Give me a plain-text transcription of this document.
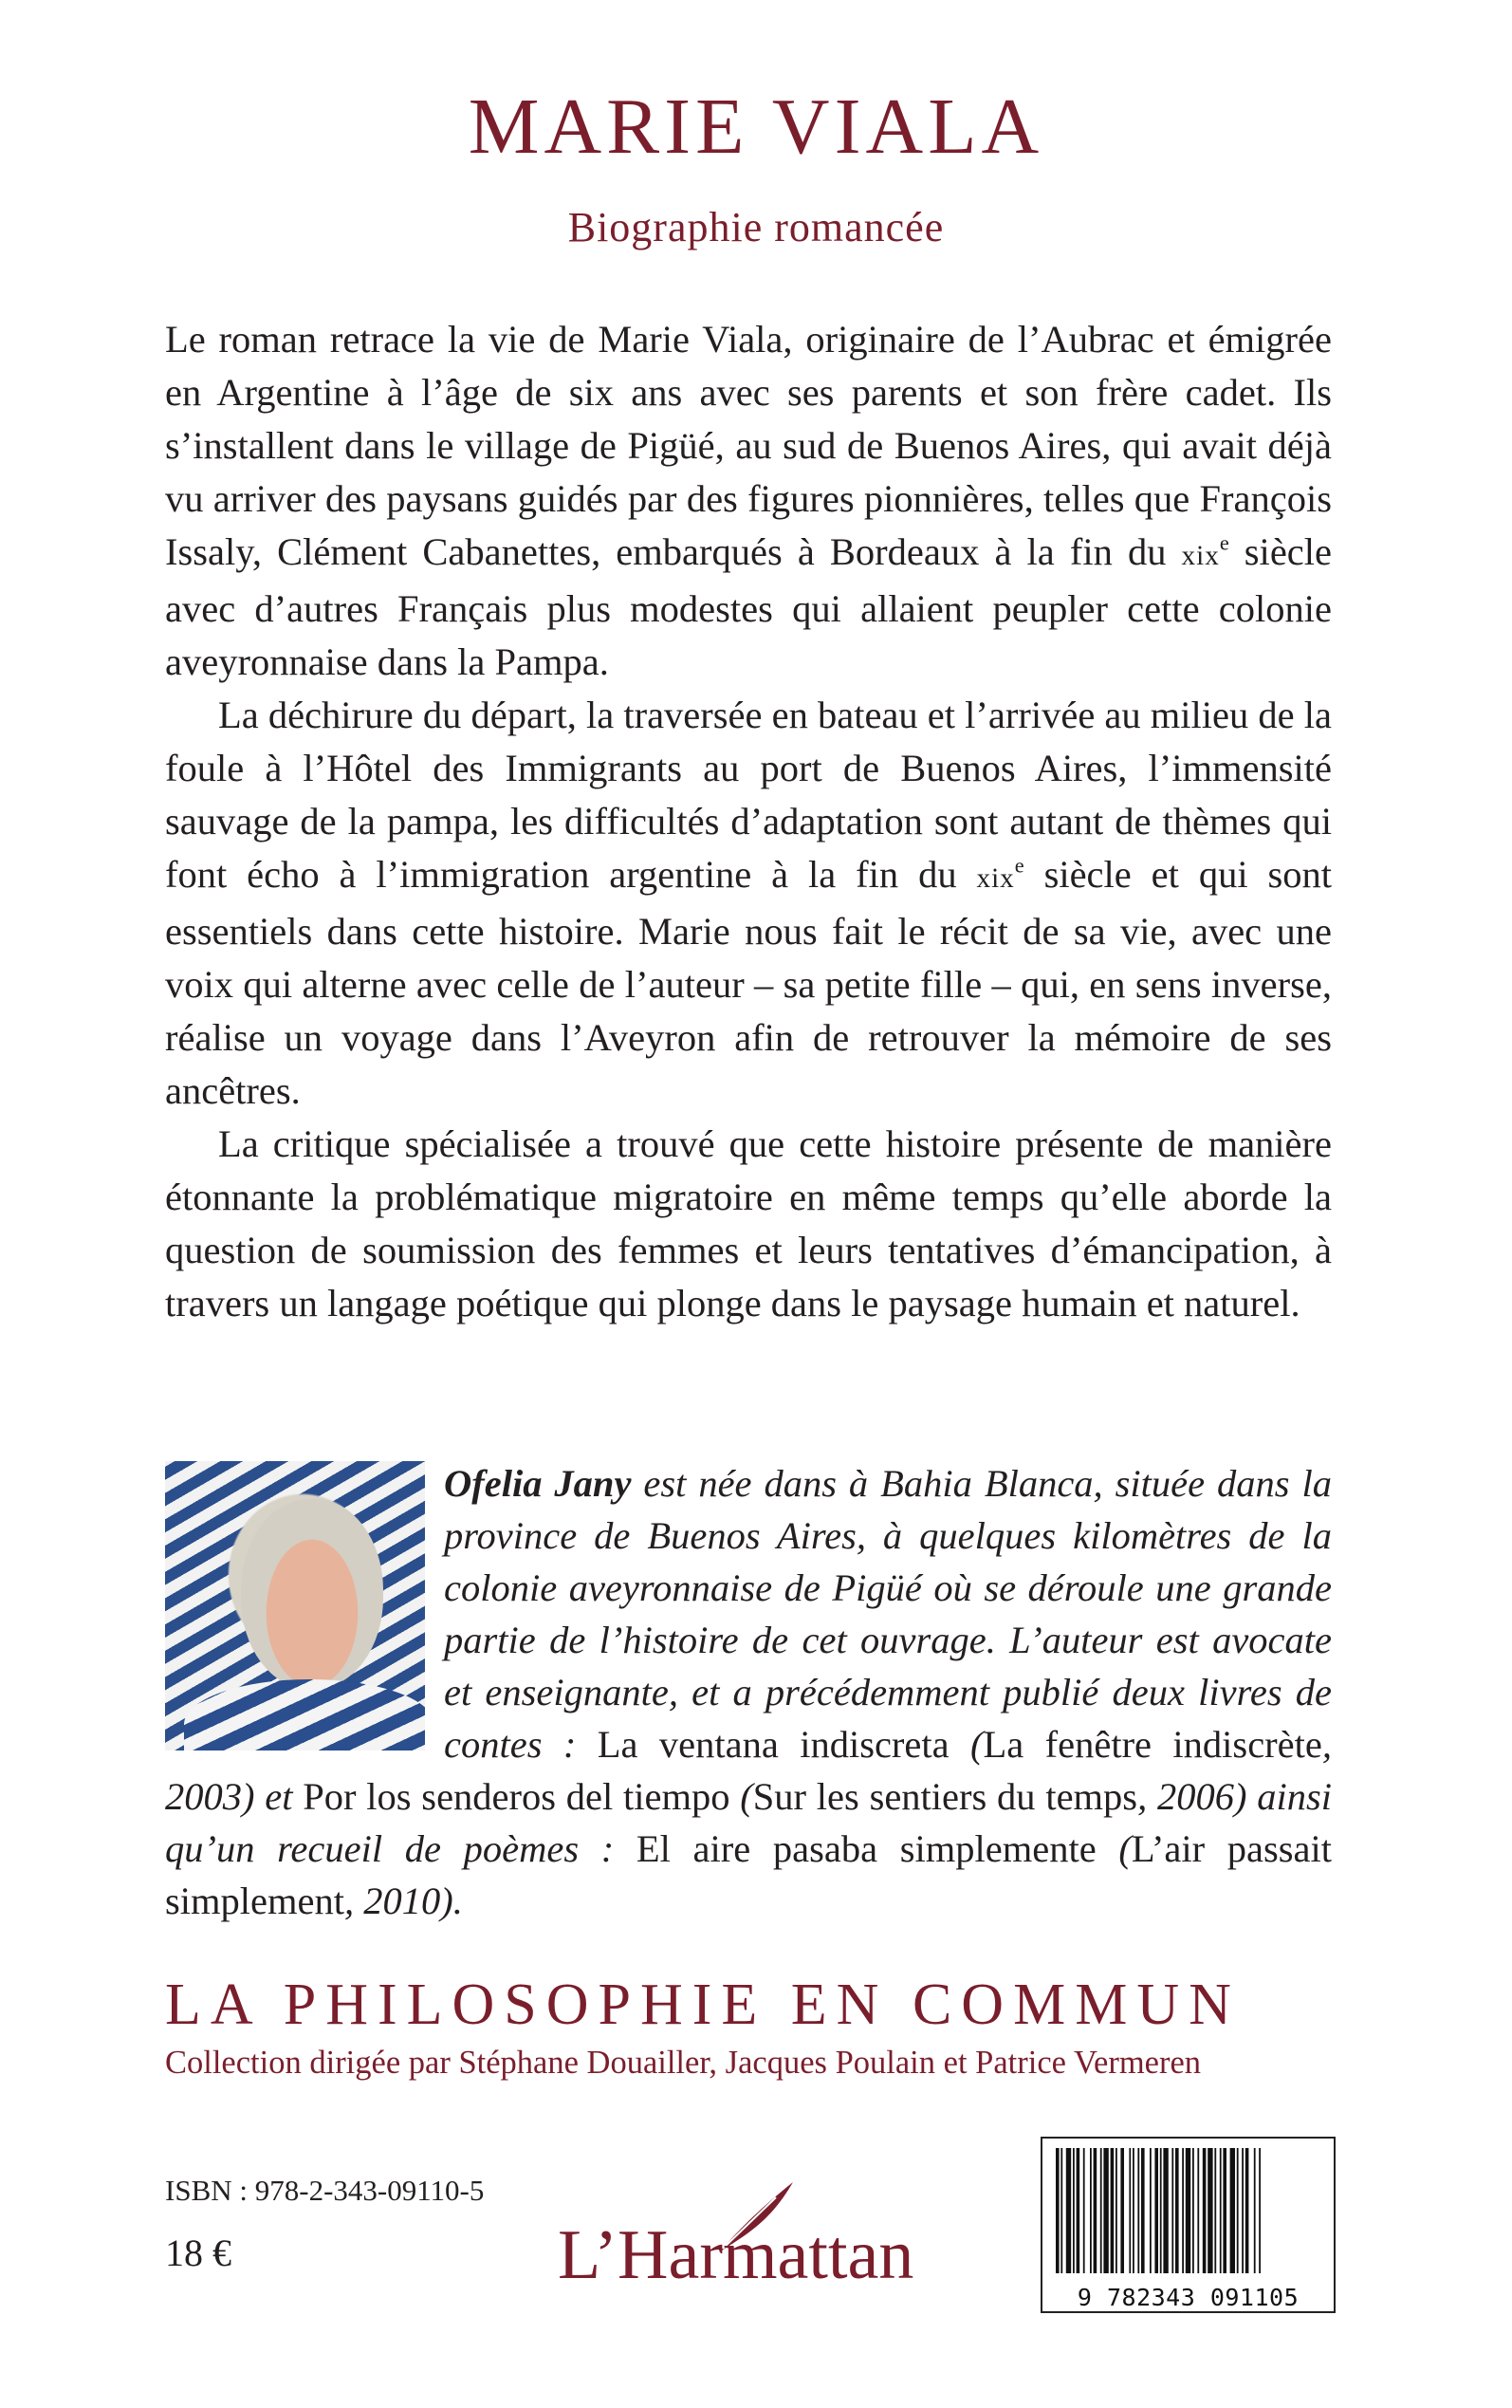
MARIE VIALA
Biographie romancée

Le roman retrace la vie de Marie Viala, originaire de l’Aubrac et émigrée en Argentine à l’âge de six ans avec ses parents et son frère cadet. Ils s’installent dans le village de Pigüé, au sud de Buenos Aires, qui avait déjà vu arriver des paysans guidés par des figures pionnières, telles que François Issaly, Clément Cabanettes, embarqués à Bordeaux à la fin du xix$^e$ siècle avec d’autres Français plus modestes qui allaient peupler cette colonie aveyronnaise dans la Pampa.

La déchirure du départ, la traversée en bateau et l’arrivée au milieu de la foule à l’Hôtel des Immigrants au port de Buenos Aires, l’immensité sauvage de la pampa, les difficultés d’adaptation sont autant de thèmes qui font écho à l’immigration argentine à la fin du xix$^e$ siècle et qui sont essentiels dans cette histoire. Marie nous fait le récit de sa vie, avec une voix qui alterne avec celle de l’auteur – sa petite fille – qui, en sens inverse, réalise un voyage dans l’Aveyron afin de retrouver la mémoire de ses ancêtres.

La critique spécialisée a trouvé que cette histoire présente de manière étonnante la problématique migratoire en même temps qu’elle aborde la question de soumission des femmes et leurs tentatives d’émancipation, à travers un langage poétique qui plonge dans le paysage humain et naturel.

Ofelia Jany est née dans à Bahia Blanca, située dans la province de Buenos Aires, à quelques kilomètres de la colonie aveyronnaise de Pigüé où se déroule une grande partie de l’histoire de cet ouvrage. L’auteur est avocate et enseignante, et a précédemment publié deux livres de contes : La ventana indiscreta (La fenêtre indiscrète, 2003) et Por los senderos del tiempo (Sur les sentiers du temps, 2006) ainsi qu’un recueil de poèmes : El aire pasaba simplemente (L’air passait simplement, 2010).
LA PHILOSOPHIE EN COMMUN
Collection dirigée par Stéphane Douailler, Jacques Poulain et Patrice Vermeren
ISBN : 978-2-343-09110-5
18 €	L’Harmattan
9 782343 091105
